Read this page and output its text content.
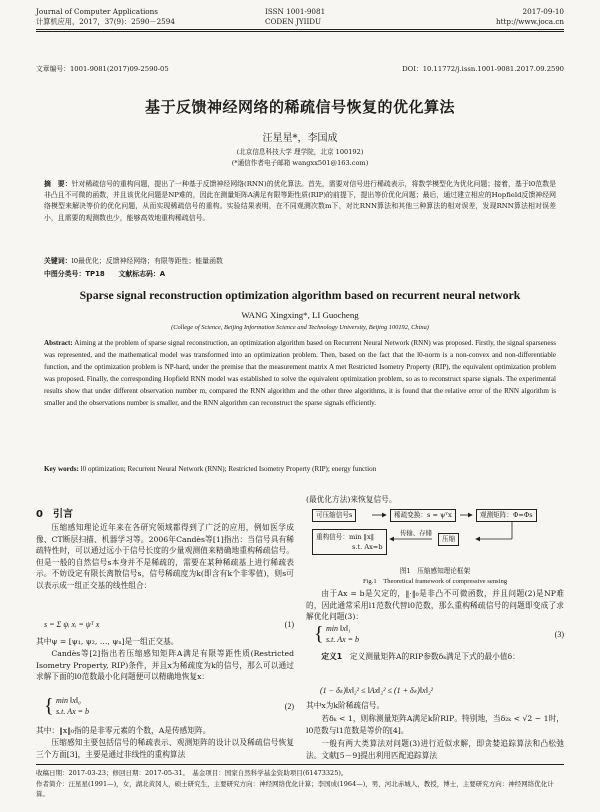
Journal of Computer Applications
计算机应用，2017，37(9)：2590－2594
ISSN 1001-9081
CODEN JYIIDU
2017-09-10
http://www.joca.cn
文章编号：1001-9081(2017)09-2590-05	DOI：10.11772/j.issn.1001-9081.2017.09.2590
基于反馈神经网络的稀疏信号恢复的优化算法
汪星星*，李国成
(北京信息科技大学 理学院，北京 100192)
(*通信作者电子邮箱 wangxx501@163.com)
摘　要：针对稀疏信号的重构问题，提出了一种基于反馈神经网络(RNN)的优化算法。首先，需要对信号进行稀疏表示，将数学模型化为优化问题；接着，基于l0范数是非凸且不可微的函数，并且该优化问题是NP难的，因此在测量矩阵A满足有限等距性质(RIP)的前提下，提出等价优化问题；最后，通过建立相应的Hopfield反馈神经网络模型来解决等价的优化问题，从而实现稀疏信号的重构。实验结果表明，在不同观测次数m下，对比RNN算法和其他三种算法的相对误差，发现RNN算法相对误差小，且需要的观测数也少，能够高效地重构稀疏信号。
关键词：l0最优化；反馈神经网络；有限等距性；能量函数
中图分类号：TP18　　文献标志码：A
Sparse signal reconstruction optimization algorithm based on recurrent neural network
WANG Xingxing*, LI Guocheng
(College of Science, Beijing Information Science and Technology University, Beijing 100192, China)
Abstract: Aiming at the problem of sparse signal reconstruction, an optimization algorithm based on Recurrent Neural Network (RNN) was proposed. Firstly, the signal sparseness was represented, and the mathematical model was transformed into an optimization problem. Then, based on the fact that the l0-norm is a non-convex and non-differentiable function, and the optimization problem is NP-hard, under the premise that the measurement matrix A met Restricted Isometry Property (RIP), the equivalent optimization problem was proposed. Finally, the corresponding Hopfield RNN model was established to solve the equivalent optimization problem, so as to reconstruct sparse signals. The experimental results show that under different observation number m, compared the RNN algorithm and the other three algorithms, it is found that the relative error of the RNN algorithm is smaller and the observations number is smaller, and the RNN algorithm can reconstruct the sparse signals efficiently.
Key words: l0 optimization; Recurrent Neural Network (RNN); Restricted Isometry Property (RIP); energy function
0　引言
压缩感知理论近年来在各研究领域都得到了广泛的应用，例如医学成像、CT断层扫描、机器学习等。2006年Candès等[1]指出：当信号具有稀疏特性时，可以通过远小于信号长度的少量观测值来精确地重构稀疏信号。但是一般的自然信号s本身并不是稀疏的，需要在某种稀疏基上进行稀疏表示。不妨设定有限长离散信号s，信号稀疏度为k(即含有k个非零值)，则s可以表示成一组正交基的线性组合：
s = Σ ψᵢ xᵢ = ψᵀ x	(1)
其中ψ = [ψ₁, ψ₂, …, ψₙ]是一组正交基。
Candès等[2]指出若压缩感知矩阵A满足有限等距性质(Restricted Isometry Property, RIP)条件，并且x为稀疏度为k的信号，那么可以通过求解下面的l0范数最小化问题便可以精确地恢复x：
{ min ‖x‖₀
s.t. Ax = b
(2)
其中：‖x‖₀指的是非零元素的个数，A是传感矩阵。
压缩感知主要包括信号的稀疏表示、观测矩阵的设计以及稀疏信号恢复三个方面[3]，主要是通过非线性的重构算法
(最优化方法)来恢复信号。
可压缩信号s	稀疏变换：s = ψᵀx	观测矩阵：Φ=Φs
重构信号：min ‖x‖
s.t. Ax=b
传输、存储
压缩
图1　压缩感知理论框架
Fig.1　Theoretical framework of compressive sensing
由于Ax = b是欠定的，‖·‖₀是非凸不可微函数，并且问题(2)是NP难的，因此通常采用l1范数代替l0范数，那么重构稀疏信号的问题即变成了求解优化问题(3)：
{ min ‖x‖₁
s.t. Ax = b
(3)
定义1　 定义测量矩阵A的RIP参数δₖ满足下式的最小值δ：
(1 − δₖ)‖x‖₂² ≤ ‖Ax‖₂² ≤ (1 + δₖ)‖x‖₂²
其中x为k阶稀疏信号。
若δₖ < 1，则称测量矩阵A满足k阶RIP。特别地，当δ₂ₖ < √2 − 1时，l0范数与l1范数是等价的[4]。
一般有两大类算法对问题(3)进行近似求解，即贪婪追踪算法和凸松弛法。文献[5－9]提出利用匹配追踪算法
收稿日期：2017-03-23；修回日期：2017-05-31。　基金项目：国家自然科学基金资助项目(61473325)。
作者简介：汪星星(1991—)，女，湖北黄冈人，硕士研究生，主要研究方向：神经网络优化计算；李国成(1964—)，男，河北赤城人，教授，博士，主要研究方向：神经网络优化计算。
